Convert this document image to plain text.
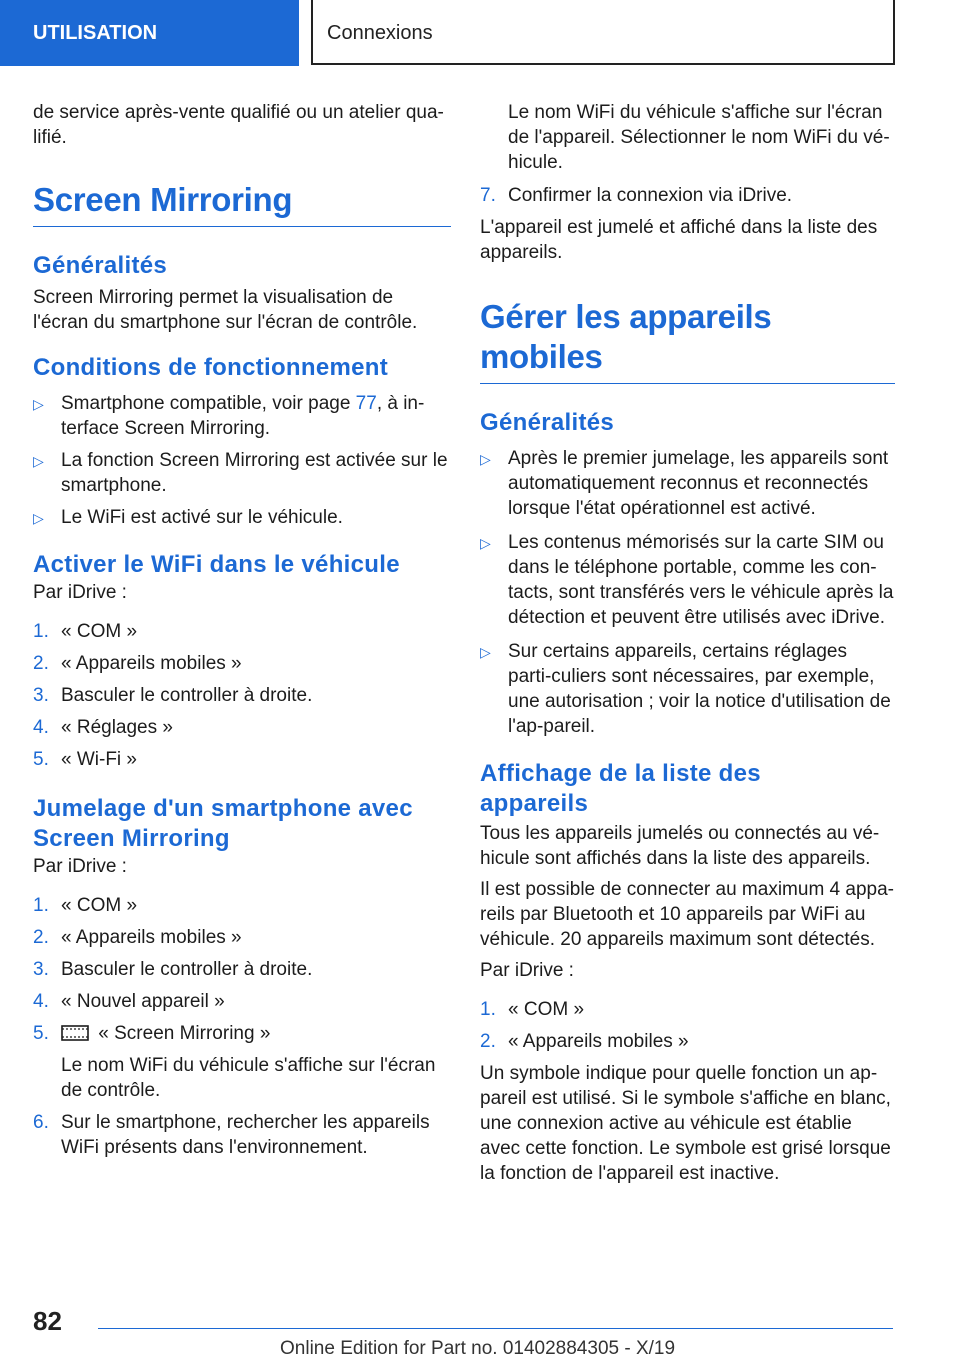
UTILISATION	Connexions

de service après-vente qualifié ou un atelier qua-lifié.

Screen Mirroring
Généralités

Screen Mirroring permet la visualisation de l'écran du smartphone sur l'écran de contrôle.

Conditions de fonctionnement
▷ Smartphone compatible, voir page 77, à in-terface Screen Mirroring.
▷ La fonction Screen Mirroring est activée sur le smartphone.
▷ Le WiFi est activé sur le véhicule.
Activer le WiFi dans le véhicule

Par iDrive :

1. « COM »
2. « Appareils mobiles »
3. Basculer le controller à droite.
4. « Réglages »
5. « Wi-Fi »
Jumelage d'un smartphone avec Screen Mirroring

Par iDrive :

1. « COM »
2. « Appareils mobiles »
3. Basculer le controller à droite.
4. « Nouvel appareil »
5.	« Screen Mirroring »
Le nom WiFi du véhicule s'affiche sur l'écran de contrôle.
6. Sur le smartphone, rechercher les appareils WiFi présents dans l'environnement.

Le nom WiFi du véhicule s'affiche sur l'écran de l'appareil. Sélectionner le nom WiFi du vé-hicule.

7. Confirmer la connexion via iDrive.

L'appareil est jumelé et affiché dans la liste des appareils.

Gérer les appareils mobiles
Généralités
▷ Après le premier jumelage, les appareils sont automatiquement reconnus et reconnectés lorsque l'état opérationnel est activé.
▷ Les contenus mémorisés sur la carte SIM ou dans le téléphone portable, comme les con-tacts, sont transférés vers le véhicule après la détection et peuvent être utilisés avec iDrive.
▷ Sur certains appareils, certains réglages parti-culiers sont nécessaires, par exemple, une autorisation ; voir la notice d'utilisation de l'ap-pareil.
Affichage de la liste des appareils

Tous les appareils jumelés ou connectés au vé-hicule sont affichés dans la liste des appareils.

Il est possible de connecter au maximum 4 appa-reils par Bluetooth et 10 appareils par WiFi au véhicule. 20 appareils maximum sont détectés.

Par iDrive :

1. « COM »
2. « Appareils mobiles »

Un symbole indique pour quelle fonction un ap-pareil est utilisé. Si le symbole s'affiche en blanc, une connexion active au véhicule est établie avec cette fonction. Le symbole est grisé lorsque la fonction de l'appareil est inactive.

82
Online Edition for Part no. 01402884305 - X/19
